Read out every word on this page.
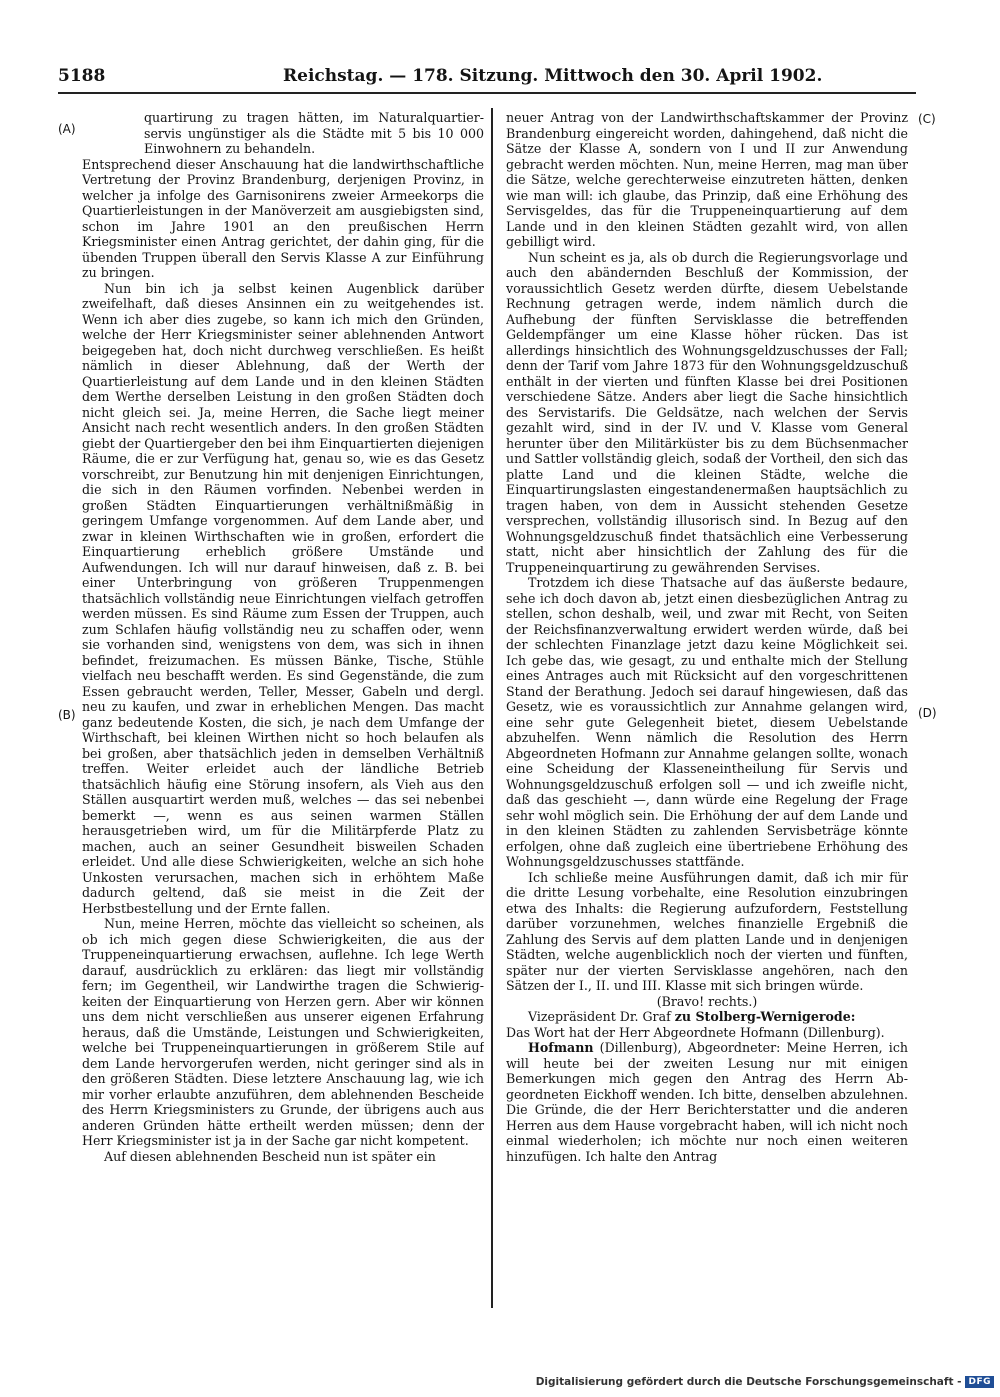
5188	Reichstag. — 178. Sitzung. Mittwoch den 30. April 1902.
(A)
(B)
(C)
(D)

quartirung zu tragen hätten, im Naturalquartierservis ungünstiger als die Städte mit 5 bis 10 000 Einwohnern zu behandeln.

Entsprechend dieser Anschauung hat die landwirthschaftliche Vertretung der Provinz Brandenburg, derjenigen Provinz, in welcher ja infolge des Garnisonirens zweier Armeekorps die Quartierleistungen in der Manöverzeit am ausgiebigsten sind, schon im Jahre 1901 an den preußischen Herrn Kriegsminister einen Antrag gerichtet, der dahin ging, für die übenden Truppen überall den Servis Klasse A zur Einführung zu bringen.

Nun bin ich ja selbst keinen Augenblick darüber zweifelhaft, daß dieses Ansinnen ein zu weitgehendes ist. Wenn ich aber dies zugebe, so kann ich mich den Gründen, welche der Herr Kriegsminister seiner ablehnenden Antwort beigegeben hat, doch nicht durchweg verschließen. Es heißt nämlich in dieser Ablehnung, daß der Werth der Quartierleistung auf dem Lande und in den kleinen Städten dem Werthe derselben Leistung in den großen Städten doch nicht gleich sei. Ja, meine Herren, die Sache liegt meiner Ansicht nach recht wesentlich anders. In den großen Städten giebt der Quartiergeber den bei ihm Einquartierten diejenigen Räume, die er zur Verfügung hat, genau so, wie es das Gesetz vorschreibt, zur Benutzung hin mit denjenigen Einrichtungen, die sich in den Räumen vorfinden. Nebenbei werden in großen Städten Einquartierungen verhältnißmäßig in geringem Umfange vorgenommen. Auf dem Lande aber, und zwar in kleinen Wirthschaften wie in großen, erfordert die Einquartierung erheblich größere Umstände und Aufwendungen. Ich will nur darauf hinweisen, daß z. B. bei einer Unterbringung von größeren Truppenmengen thatsächlich vollständig neue Einrichtungen vielfach getroffen werden müssen. Es sind Räume zum Essen der Truppen, auch zum Schlafen häufig vollständig neu zu schaffen oder, wenn sie vorhanden sind, wenigstens von dem, was sich in ihnen befindet, freizumachen. Es müssen Bänke, Tische, Stühle vielfach neu beschafft werden. Es sind Gegenstände, die zum Essen gebraucht werden, Teller, Messer, Gabeln und dergl. neu zu kaufen, und zwar in erheblichen Mengen. Das macht ganz bedeutende Kosten, die sich, je nach dem Umfange der Wirthschaft, bei kleinen Wirthen nicht so hoch belaufen als bei großen, aber thatsächlich jeden in demselben Verhältniß treffen. Weiter erleidet auch der ländliche Betrieb thatsächlich häufig eine Störung insofern, als Vieh aus den Ställen ausquartirt werden muß, welches — das sei nebenbei bemerkt —, wenn es aus seinen warmen Ställen herausgetrieben wird, um für die Militärpferde Platz zu machen, auch an seiner Gesundheit bisweilen Schaden erleidet. Und alle diese Schwierigkeiten, welche an sich hohe Unkosten verursachen, machen sich in erhöhtem Maße dadurch geltend, daß sie meist in die Zeit der Herbstbestellung und der Ernte fallen.

Nun, meine Herren, möchte das vielleicht so scheinen, als ob ich mich gegen diese Schwierigkeiten, die aus der Truppeneinquartierung erwachsen, auflehne. Ich lege Werth darauf, ausdrücklich zu erklären: das liegt mir vollständig fern; im Gegentheil, wir Landwirthe tragen die Schwierigkeiten der Einquartierung von Herzen gern. Aber wir können uns dem nicht verschließen aus unserer eigenen Erfahrung heraus, daß die Umstände, Leistungen und Schwierigkeiten, welche bei Truppeneinquartierungen in größerem Stile auf dem Lande hervorgerufen werden, nicht geringer sind als in den größeren Städten. Diese letztere Anschauung lag, wie ich mir vorher erlaubte anzuführen, dem ablehnenden Bescheide des Herrn Kriegsministers zu Grunde, der übrigens auch aus anderen Gründen hätte ertheilt werden müssen; denn der Herr Kriegsminister ist ja in der Sache gar nicht kompetent.

Auf diesen ablehnenden Bescheid nun ist später ein

neuer Antrag von der Landwirthschaftskammer der Provinz Brandenburg eingereicht worden, dahingehend, daß nicht die Sätze der Klasse A, sondern von I und II zur Anwendung gebracht werden möchten. Nun, meine Herren, mag man über die Sätze, welche gerechterweise einzutreten hätten, denken wie man will: ich glaube, das Prinzip, daß eine Erhöhung des Servisgeldes, das für die Truppeneinquartierung auf dem Lande und in den kleinen Städten gezahlt wird, von allen gebilligt wird.

Nun scheint es ja, als ob durch die Regierungsvorlage und auch den abändernden Beschluß der Kommission, der voraussichtlich Gesetz werden dürfte, diesem Uebelstande Rechnung getragen werde, indem nämlich durch die Aufhebung der fünften Servisklasse die betreffenden Geldempfänger um eine Klasse höher rücken. Das ist allerdings hinsichtlich des Wohnungsgeldzuschusses der Fall; denn der Tarif vom Jahre 1873 für den Wohnungsgeldzuschuß enthält in der vierten und fünften Klasse bei drei Positionen verschiedene Sätze. Anders aber liegt die Sache hinsichtlich des Servistarifs. Die Geldsätze, nach welchen der Servis gezahlt wird, sind in der IV. und V. Klasse vom General herunter über den Militärküster bis zu dem Büchsenmacher und Sattler vollständig gleich, sodaß der Vortheil, den sich das platte Land und die kleinen Städte, welche die Einquartirungslasten eingestandenermaßen hauptsächlich zu tragen haben, von dem in Aussicht stehenden Gesetze versprechen, vollständig illusorisch sind. In Bezug auf den Wohnungsgeldzuschuß findet thatsächlich eine Verbesserung statt, nicht aber hinsichtlich der Zahlung des für die Truppeneinquartirung zu gewährenden Servises.

Trotzdem ich diese Thatsache auf das äußerste bedaure, sehe ich doch davon ab, jetzt einen diesbezüglichen Antrag zu stellen, schon deshalb, weil, und zwar mit Recht, von Seiten der Reichsfinanzverwaltung erwidert werden würde, daß bei der schlechten Finanzlage jetzt dazu keine Möglichkeit sei. Ich gebe das, wie gesagt, zu und enthalte mich der Stellung eines Antrages auch mit Rücksicht auf den vorgeschrittenen Stand der Berathung. Jedoch sei darauf hingewiesen, daß das Gesetz, wie es voraussichtlich zur Annahme gelangen wird, eine sehr gute Gelegenheit bietet, diesem Uebelstande abzuhelfen. Wenn nämlich die Resolution des Herrn Abgeordneten Hofmann zur Annahme gelangen sollte, wonach eine Scheidung der Klasseneintheilung für Servis und Wohnungsgeldzuschuß erfolgen soll — und ich zweifle nicht, daß das geschieht —, dann würde eine Regelung der Frage sehr wohl möglich sein. Die Erhöhung der auf dem Lande und in den kleinen Städten zu zahlenden Servisbeträge könnte erfolgen, ohne daß zugleich eine übertriebene Erhöhung des Wohnungsgeldzuschusses stattfände.

Ich schließe meine Ausführungen damit, daß ich mir für die dritte Lesung vorbehalte, eine Resolution einzubringen etwa des Inhalts: die Regierung aufzufordern, Feststellung darüber vorzunehmen, welches finanzielle Ergebniß die Zahlung des Servis auf dem platten Lande und in denjenigen Städten, welche augenblicklich noch der vierten und fünften, später nur der vierten Servisklasse angehören, nach den Sätzen der I., II. und III. Klasse mit sich bringen würde.

(Bravo! rechts.)

Vizepräsident Dr. Graf zu Stolberg-Wernigerode:

Das Wort hat der Herr Abgeordnete Hofmann (Dillenburg).

Hofmann (Dillenburg), Abgeordneter: Meine Herren, ich will heute bei der zweiten Lesung nur mit einigen Bemerkungen mich gegen den Antrag des Herrn Abgeordneten Eickhoff wenden. Ich bitte, denselben abzulehnen. Die Gründe, die der Herr Berichterstatter und die anderen Herren aus dem Hause vorgebracht haben, will ich nicht noch einmal wiederholen; ich möchte nur noch einen weiteren hinzufügen. Ich halte den Antrag

Digitalisierung gefördert durch die Deutsche Forschungsgemeinschaft - DFG
